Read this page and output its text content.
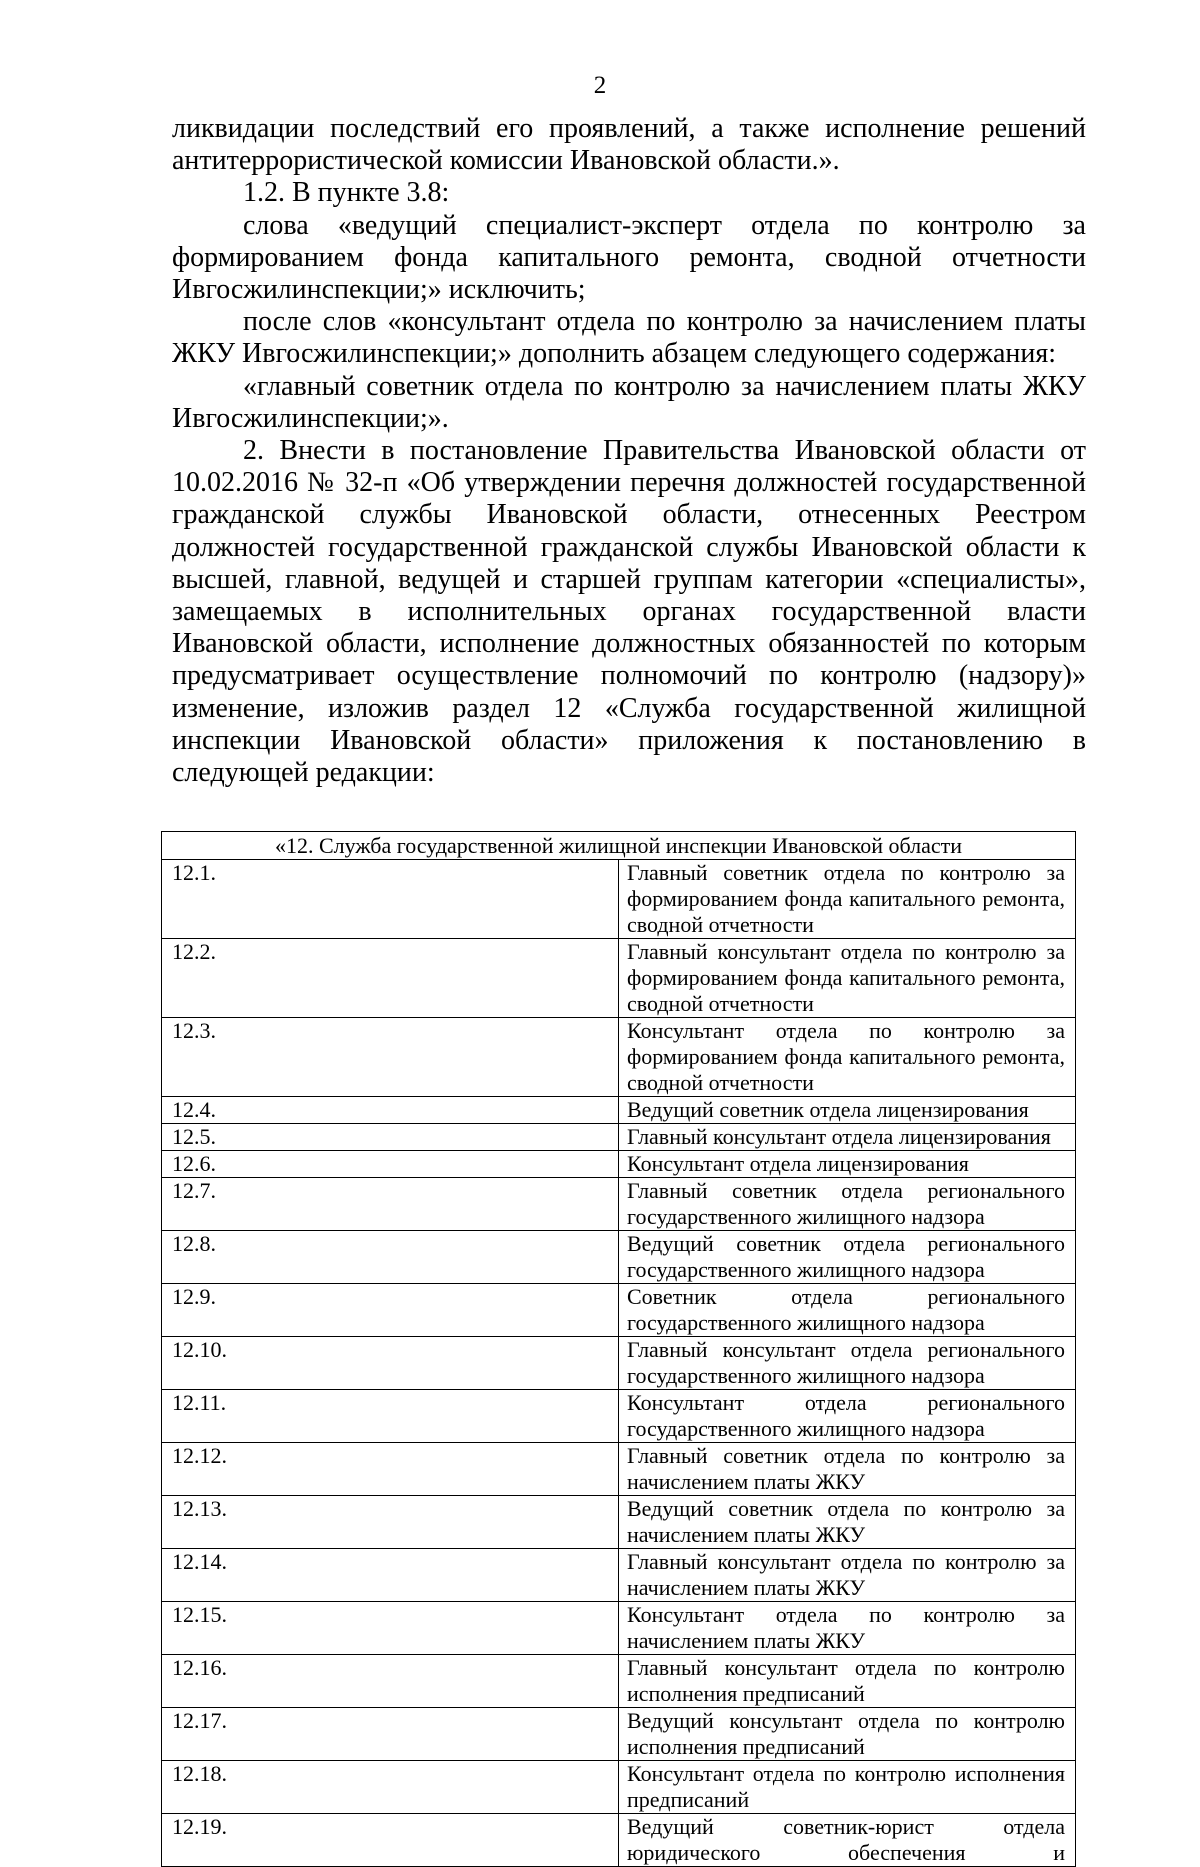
2

ликвидации последствий его проявлений, а также исполнение решений антитеррористической комиссии Ивановской области.».

1.2. В пункте 3.8:

слова «ведущий специалист-эксперт отдела по контролю за формированием фонда капитального ремонта, сводной отчетности Ивгосжилинспекции;» исключить;

после слов «консультант отдела по контролю за начислением платы ЖКУ Ивгосжилинспекции;» дополнить абзацем следующего содержания:

«главный советник отдела по контролю за начислением платы ЖКУ Ивгосжилинспекции;».

2. Внести в постановление Правительства Ивановской области от 10.02.2016 № 32-п «Об утверждении перечня должностей государственной гражданской службы Ивановской области, отнесенных Реестром должностей государственной гражданской службы Ивановской области к высшей, главной, ведущей и старшей группам категории «специалисты», замещаемых в исполнительных органах государственной власти Ивановской области, исполнение должностных обязанностей по которым предусматривает осуществление полномочий по контролю (надзору)» изменение, изложив раздел 12 «Служба государственной жилищной инспекции Ивановской области» приложения к постановлению в следующей редакции:

«12. Служба государственной жилищной инспекции Ивановской области	
12.1.	Главный советник отдела по контролю за формированием фонда капитального ремонта, сводной отчетности
12.2.	Главный консультант отдела по контролю за формированием фонда капитального ремонта, сводной отчетности
12.3.	Консультант отдела по контролю за формированием фонда капитального ремонта, сводной отчетности
12.4.	Ведущий советник отдела лицензирования
12.5.	Главный консультант отдела лицензирования
12.6.	Консультант отдела лицензирования
12.7.	Главный советник отдела регионального государственного жилищного надзора
12.8.	Ведущий советник отдела регионального государственного жилищного надзора
12.9.	Советник отдела регионального государственного жилищного надзора
12.10.	Главный консультант отдела регионального государственного жилищного надзора
12.11.	Консультант отдела регионального государственного жилищного надзора
12.12.	Главный советник отдела по контролю за начислением платы ЖКУ
12.13.	Ведущий советник отдела по контролю за начислением платы ЖКУ
12.14.	Главный консультант отдела по контролю за начислением платы ЖКУ
12.15.	Консультант отдела по контролю за начислением платы ЖКУ
12.16.	Главный консультант отдела по контролю исполнения предписаний
12.17.	Ведущий консультант отдела по контролю исполнения предписаний
12.18.	Консультант отдела по контролю исполнения предписаний
12.19.	Ведущий советник-юрист отдела юридического обеспечения и
